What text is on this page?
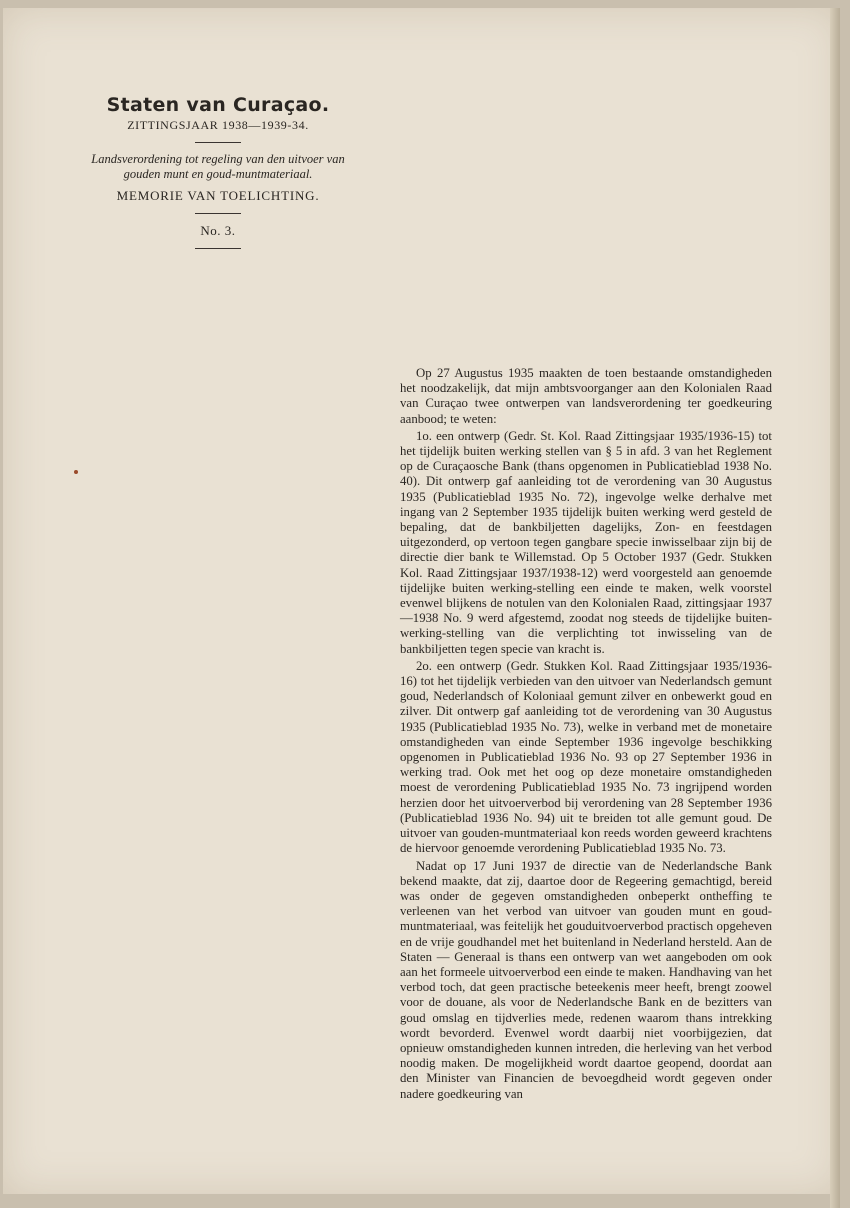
Staten van Curaçao.
ZITTINGSJAAR 1938—1939-34.
Landsverordening tot regeling van den uitvoer van gouden munt en goud-muntmateriaal.
MEMORIE VAN TOELICHTING.
No. 3.

Op 27 Augustus 1935 maakten de toen bestaande omstandigheden het noodzakelijk, dat mijn ambtsvoorganger aan den Kolonialen Raad van Curaçao twee ontwerpen van landsverordening ter goedkeuring aanbood; te weten:

1o. een ontwerp (Gedr. St. Kol. Raad Zittingsjaar 1935/1936-15) tot het tijdelijk buiten werking stellen van § 5 in afd. 3 van het Reglement op de Curaçaosche Bank (thans opgenomen in Publicatieblad 1938 No. 40). Dit ontwerp gaf aanleiding tot de verordening van 30 Augustus 1935 (Publicatieblad 1935 No. 72), ingevolge welke derhalve met ingang van 2 September 1935 tijdelijk buiten werking werd gesteld de bepaling, dat de bankbiljetten dagelijks, Zon- en feestdagen uitgezonderd, op vertoon tegen gangbare specie inwisselbaar zijn bij de directie dier bank te Willemstad. Op 5 October 1937 (Gedr. Stukken Kol. Raad Zittingsjaar 1937/1938-12) werd voorgesteld aan genoemde tijdelijke buiten werking-stelling een einde te maken, welk voorstel evenwel blijkens de notulen van den Kolonialen Raad, zittingsjaar 1937—1938 No. 9 werd afgestemd, zoodat nog steeds de tijdelijke buiten-werking-stelling van die verplichting tot inwisseling van de bankbiljetten tegen specie van kracht is.

2o. een ontwerp (Gedr. Stukken Kol. Raad Zittingsjaar 1935/1936-16) tot het tijdelijk verbieden van den uitvoer van Nederlandsch gemunt goud, Nederlandsch of Koloniaal gemunt zilver en onbewerkt goud en zilver. Dit ontwerp gaf aanleiding tot de verordening van 30 Augustus 1935 (Publicatieblad 1935 No. 73), welke in verband met de monetaire omstandigheden van einde September 1936 ingevolge beschikking opgenomen in Publicatieblad 1936 No. 93 op 27 September 1936 in werking trad. Ook met het oog op deze monetaire omstandigheden moest de verordening Publicatieblad 1935 No. 73 ingrijpend worden herzien door het uitvoerverbod bij verordening van 28 September 1936 (Publicatieblad 1936 No. 94) uit te breiden tot alle gemunt goud. De uitvoer van gouden-muntmateriaal kon reeds worden geweerd krachtens de hiervoor genoemde verordening Publicatieblad 1935 No. 73.

Nadat op 17 Juni 1937 de directie van de Nederlandsche Bank bekend maakte, dat zij, daartoe door de Regeering gemachtigd, bereid was onder de gegeven omstandigheden onbeperkt ontheffing te verleenen van het verbod van uitvoer van gouden munt en goud-muntmateriaal, was feitelijk het gouduitvoerverbod practisch opgeheven en de vrije goudhandel met het buitenland in Nederland hersteld. Aan de Staten — Generaal is thans een ontwerp van wet aangeboden om ook aan het formeele uitvoerverbod een einde te maken. Handhaving van het verbod toch, dat geen practische beteekenis meer heeft, brengt zoowel voor de douane, als voor de Nederlandsche Bank en de bezitters van goud omslag en tijdverlies mede, redenen waarom thans intrekking wordt bevorderd. Evenwel wordt daarbij niet voorbijgezien, dat opnieuw omstandigheden kunnen intreden, die herleving van het verbod noodig maken. De mogelijkheid wordt daartoe geopend, doordat aan den Minister van Financien de bevoegdheid wordt gegeven onder nadere goedkeuring van
